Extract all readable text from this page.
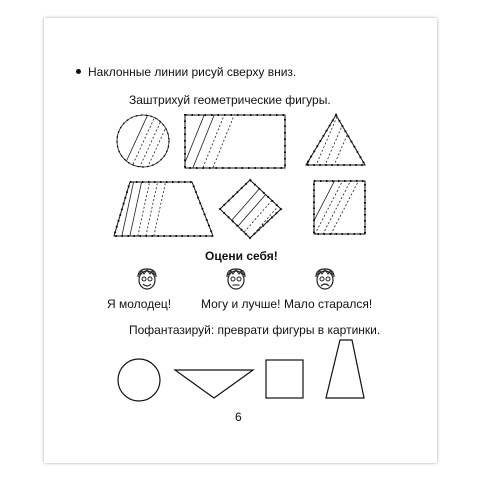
Наклонные линии рисуй сверху вниз.
Заштрихуй геометрические фигуры.
Оцени себя!
Я молодец! Могу и лучше! Мало старался!
Пофантазируй: преврати фигуры в картинки.
6
